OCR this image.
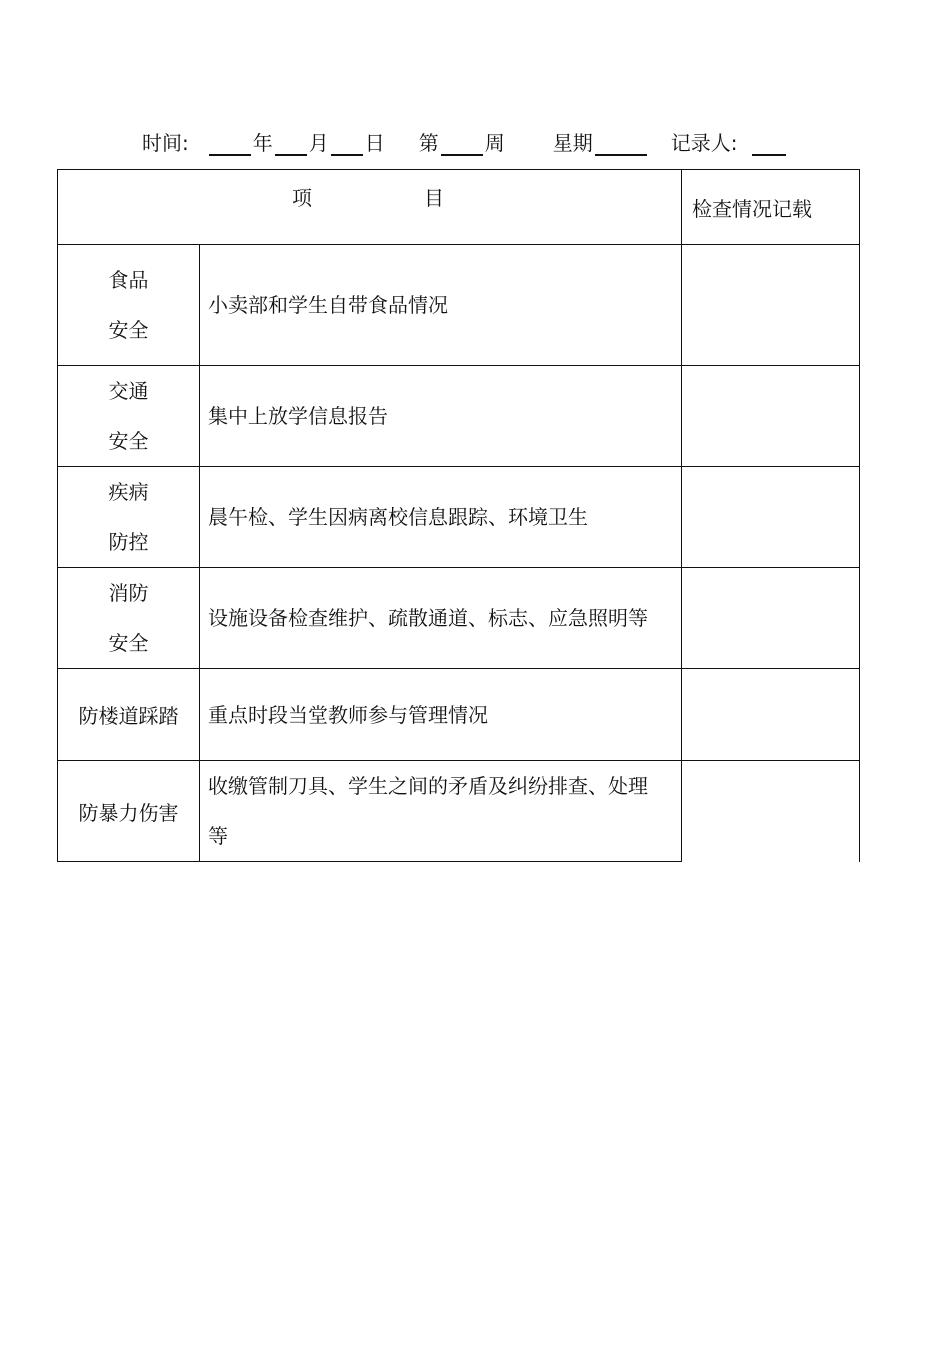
时间:	年 月 日 第 周 星期	记录人:
项 目		检查情况记载

食品
安全	小卖部和学生自带食品情况	

交通
安全	集中上放学信息报告	

疾病
防控	晨午检、学生因病离校信息跟踪、环境卫生	

消防
安全	设施设备检查维护、疏散通道、标志、应急照明等	
防楼道踩踏	重点时段当堂教师参与管理情况	
防暴力伤害	收缴管制刀具、学生之间的矛盾及纠纷排查、处理等	
